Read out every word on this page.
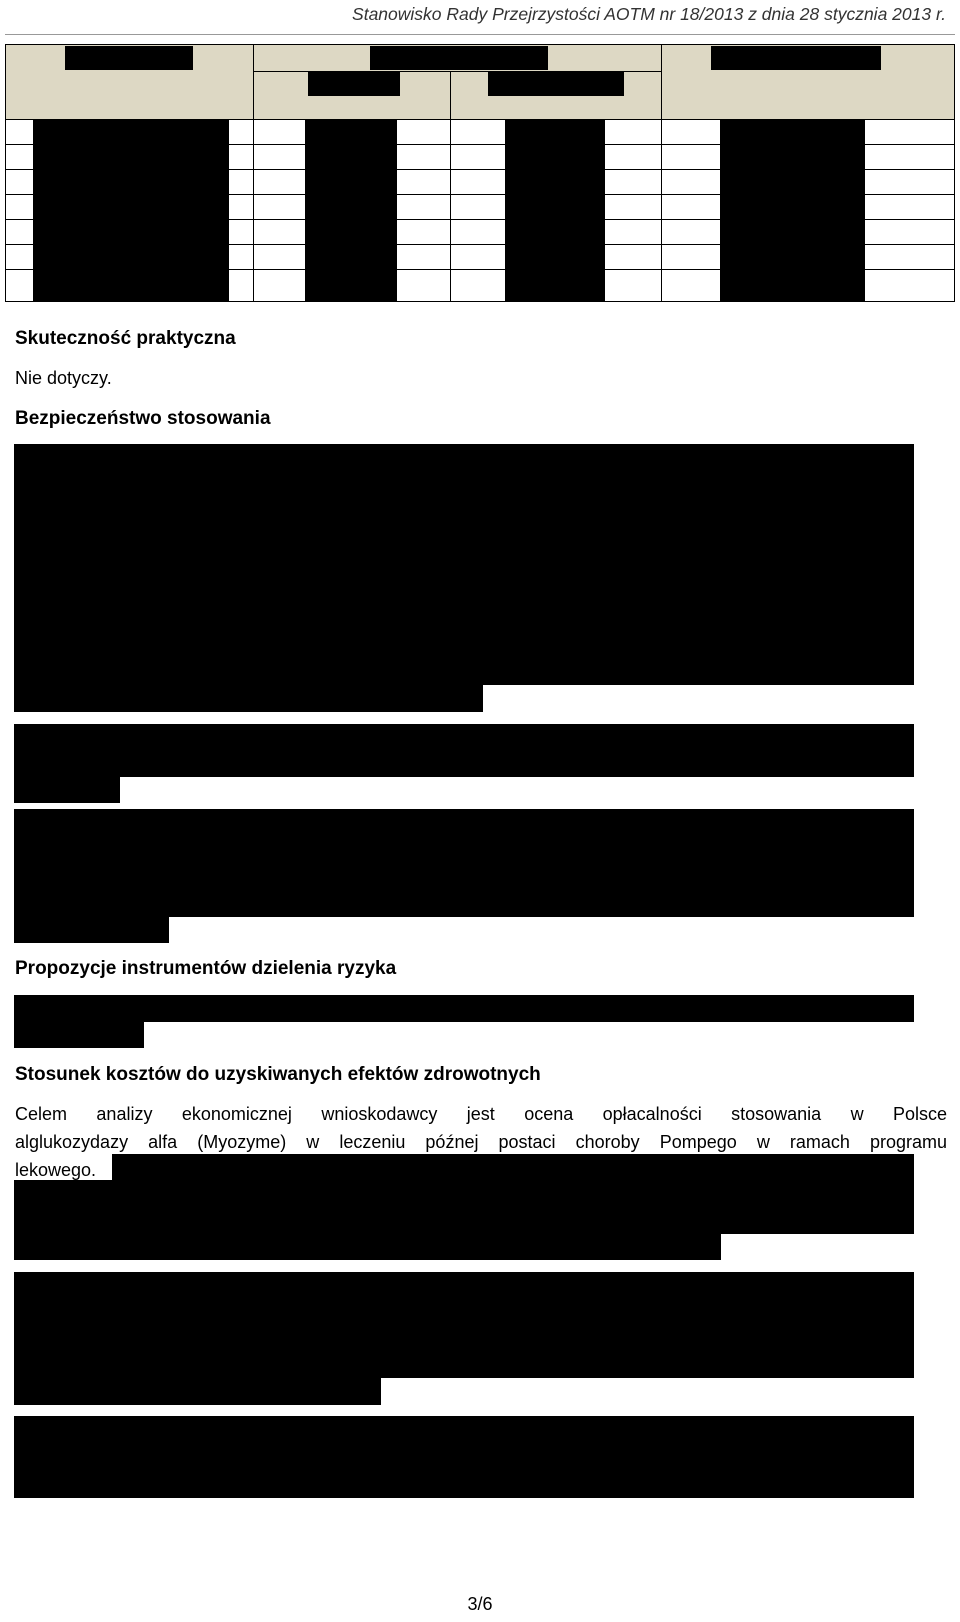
Stanowisko Rady Przejrzystości AOTM nr 18/2013 z dnia 28 stycznia 2013 r.
Skuteczność praktyczna
Nie dotyczy.
Bezpieczeństwo stosowania
Propozycje instrumentów dzielenia ryzyka
Stosunek kosztów do uzyskiwanych efektów zdrowotnych
Celem analizy ekonomicznej wnioskodawcy jest ocena opłacalności stosowania w Polsce
alglukozydazy alfa (Myozyme) w leczeniu późnej postaci choroby Pompego w ramach programu
lekowego.
3/6
